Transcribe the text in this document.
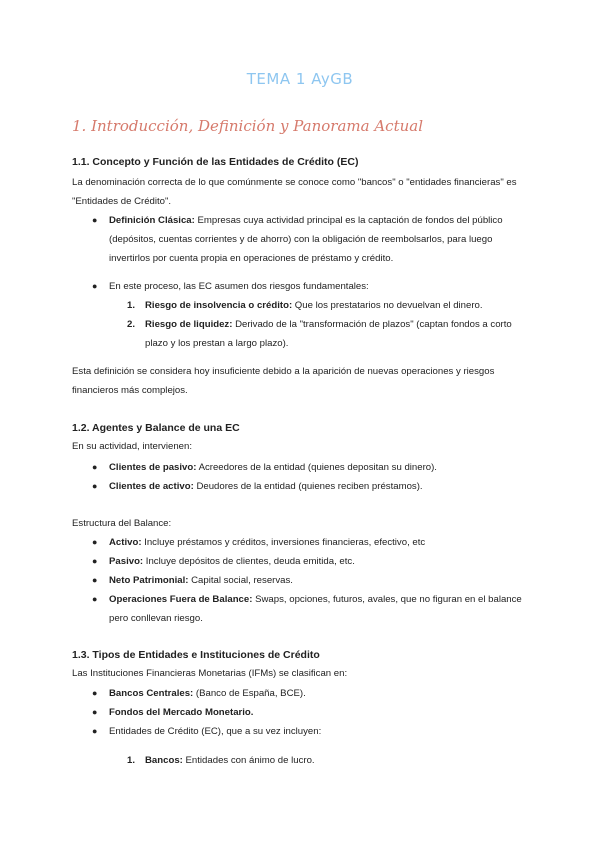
TEMA 1 AyGB
1. Introducción, Definición y Panorama Actual
1.1. Concepto y Función de las Entidades de Crédito (EC)
La denominación correcta de lo que comúnmente se conoce como "bancos" o "entidades financieras" es "Entidades de Crédito".
●	Definición Clásica: Empresas cuya actividad principal es la captación de fondos del público (depósitos, cuentas corrientes y de ahorro) con la obligación de reembolsarlos, para luego invertirlos por cuenta propia en operaciones de préstamo y crédito.
●	En este proceso, las EC asumen dos riesgos fundamentales:
1. Riesgo de insolvencia o crédito: Que los prestatarios no devuelvan el dinero.
2. Riesgo de liquidez: Derivado de la "transformación de plazos" (captan fondos a corto plazo y los prestan a largo plazo).
Esta definición se considera hoy insuficiente debido a la aparición de nuevas operaciones y riesgos financieros más complejos.
1.2. Agentes y Balance de una EC
En su actividad, intervienen:
●	Clientes de pasivo: Acreedores de la entidad (quienes depositan su dinero).
●	Clientes de activo: Deudores de la entidad (quienes reciben préstamos).
Estructura del Balance:
●	Activo: Incluye préstamos y créditos, inversiones financieras, efectivo, etc
●	Pasivo: Incluye depósitos de clientes, deuda emitida, etc.
●	Neto Patrimonial: Capital social, reservas.
●	Operaciones Fuera de Balance: Swaps, opciones, futuros, avales, que no figuran en el balance pero conllevan riesgo.
1.3. Tipos de Entidades e Instituciones de Crédito
Las Instituciones Financieras Monetarias (IFMs) se clasifican en:
●	Bancos Centrales: (Banco de España, BCE).
●	Fondos del Mercado Monetario.
●	Entidades de Crédito (EC), que a su vez incluyen:
1. Bancos: Entidades con ánimo de lucro.
